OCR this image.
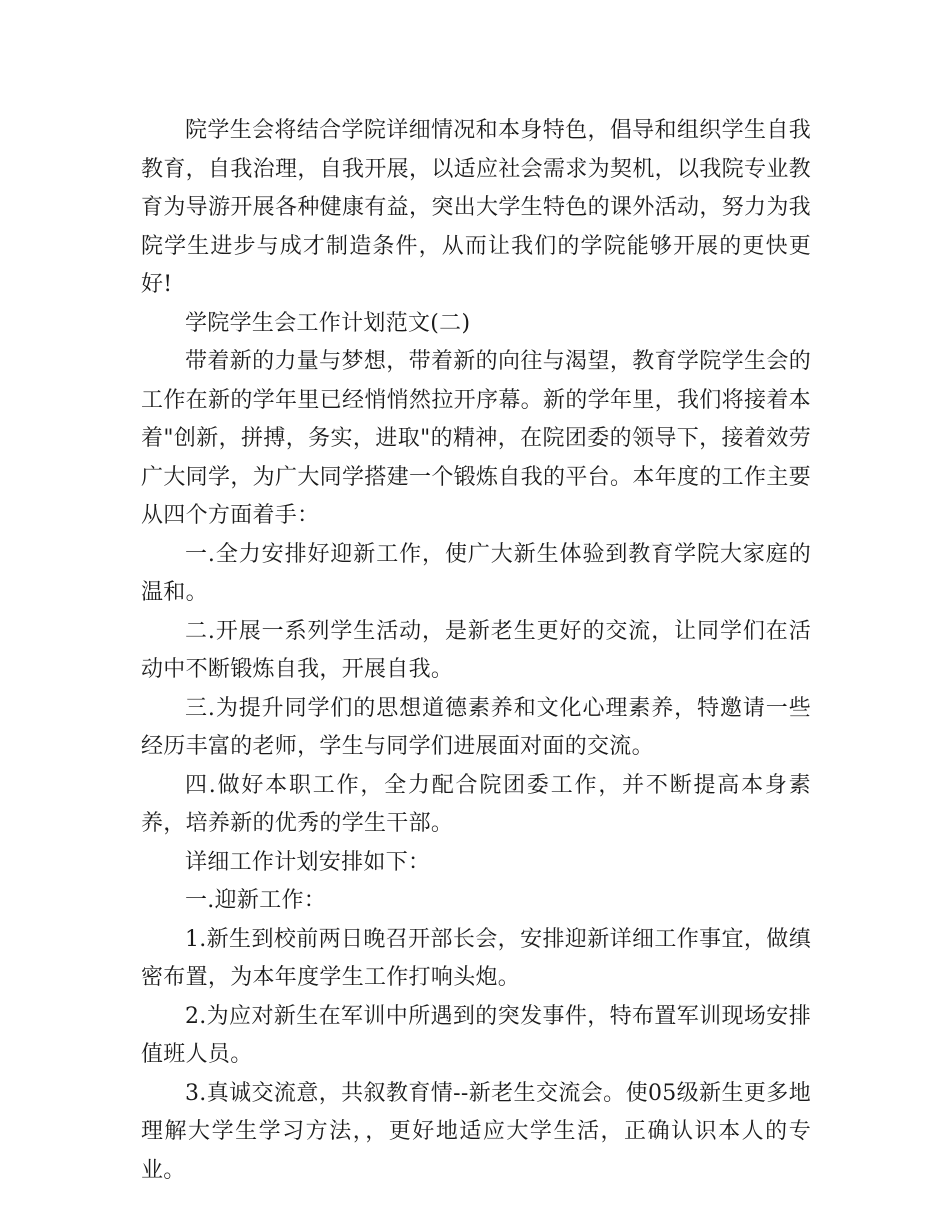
院学生会将结合学院详细情况和本身特色，倡导和组织学生自我教育，自我治理，自我开展，以适应社会需求为契机，以我院专业教育为导游开展各种健康有益，突出大学生特色的课外活动，努力为我院学生进步与成才制造条件，从而让我们的学院能够开展的更快更好!

学院学生会工作计划范文(二)

带着新的力量与梦想，带着新的向往与渴望，教育学院学生会的工作在新的学年里已经悄悄然拉开序幕。新的学年里，我们将接着本着"创新，拼搏，务实，进取"的精神，在院团委的领导下，接着效劳广大同学，为广大同学搭建一个锻炼自我的平台。本年度的工作主要从四个方面着手：

一.全力安排好迎新工作，使广大新生体验到教育学院大家庭的温和。

二.开展一系列学生活动，是新老生更好的交流，让同学们在活动中不断锻炼自我，开展自我。

三.为提升同学们的思想道德素养和文化心理素养，特邀请一些经历丰富的老师，学生与同学们进展面对面的交流。

四.做好本职工作，全力配合院团委工作，并不断提高本身素养，培养新的优秀的学生干部。

详细工作计划安排如下：

一.迎新工作：

1.新生到校前两日晚召开部长会，安排迎新详细工作事宜，做缜密布置，为本年度学生工作打响头炮。

2.为应对新生在军训中所遇到的突发事件，特布置军训现场安排值班人员。

3.真诚交流意，共叙教育情--新老生交流会。使05级新生更多地理解大学生学习方法，，更好地适应大学生活，正确认识本人的专业。
